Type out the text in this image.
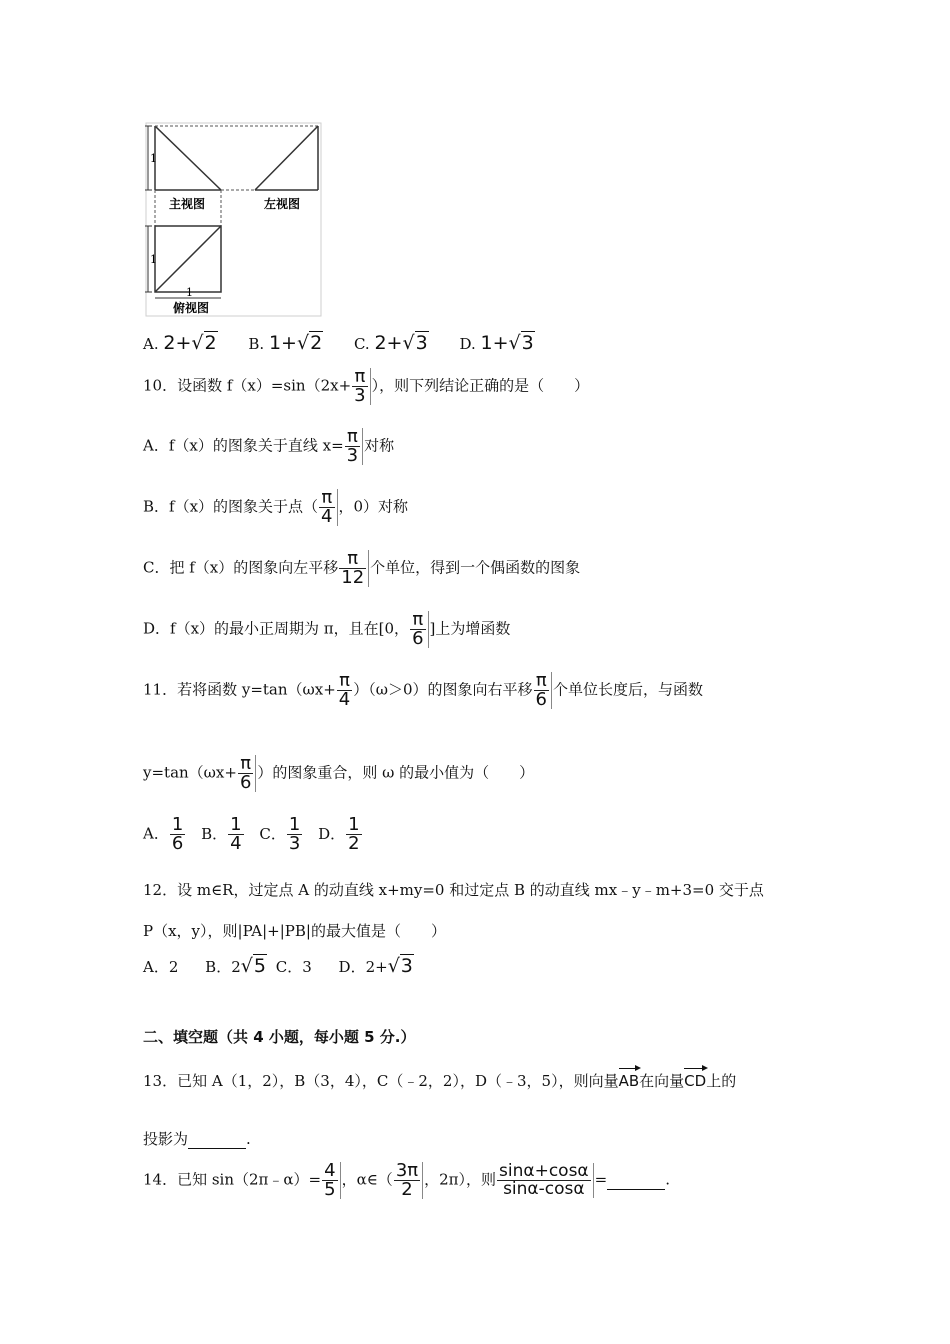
1
主视图	左视图
1
1
俯视图
A. 2+√2 B. 1+√2 C. 2+√3 D. 1+√3
10．设函数 $f(x)=\sin(2x+ \frac{\pi}{3}$ ），则下列结论正确的是（　　）
A．f（x）的图象关于直线 $x= \frac{\pi}{3}$ 对称
B．f（x）的图象关于点（ $\frac{\pi}{4}$ ，0）对称
C．把 f（x）的图象向左平移 $\frac{\pi}{12}$ 个单位，得到一个偶函数的图象
D．f（x）的最小正周期为 π，且在[0， $\frac{\pi}{6}$ ]上为增函数
11．若将函数 $y=\tan(\omega x+ \frac{\pi}{4} )(\omega>0)$的图象向右平移 $\frac{\pi}{6}$ 个单位长度后，与函数
$y=\tan(\omega x+ \frac{\pi}{6}$ ）的图象重合，则 ω 的最小值为（　　）
A． $\frac{1}{6}$ B． $\frac{1}{4}$ C． $\frac{1}{3}$ D． $\frac{1}{2}$
12．设 m∈R，过定点 A 的动直线 x+my=0 和过定点 B 的动直线 mx﹣y﹣m+3=0 交于点
P（x，y），则|PA|+|PB|的最大值是（　　）
A．2 B．2√5 C．3 D．2+√3
二、填空题（共 4 小题，每小题 5 分.）
13．已知 A（1，2），B（3，4），C（﹣2，2），D（﹣3，5），则向量AB在向量CD上的
投影为	.
14．已知 sin（2π﹣α）= $\frac{4}{5}$ ，α∈（ $\frac{3\pi}{2}$ ，2π），则 $\frac{\sin\alpha+\cos\alpha}{\sin\alpha-\cos\alpha}$ =	.
